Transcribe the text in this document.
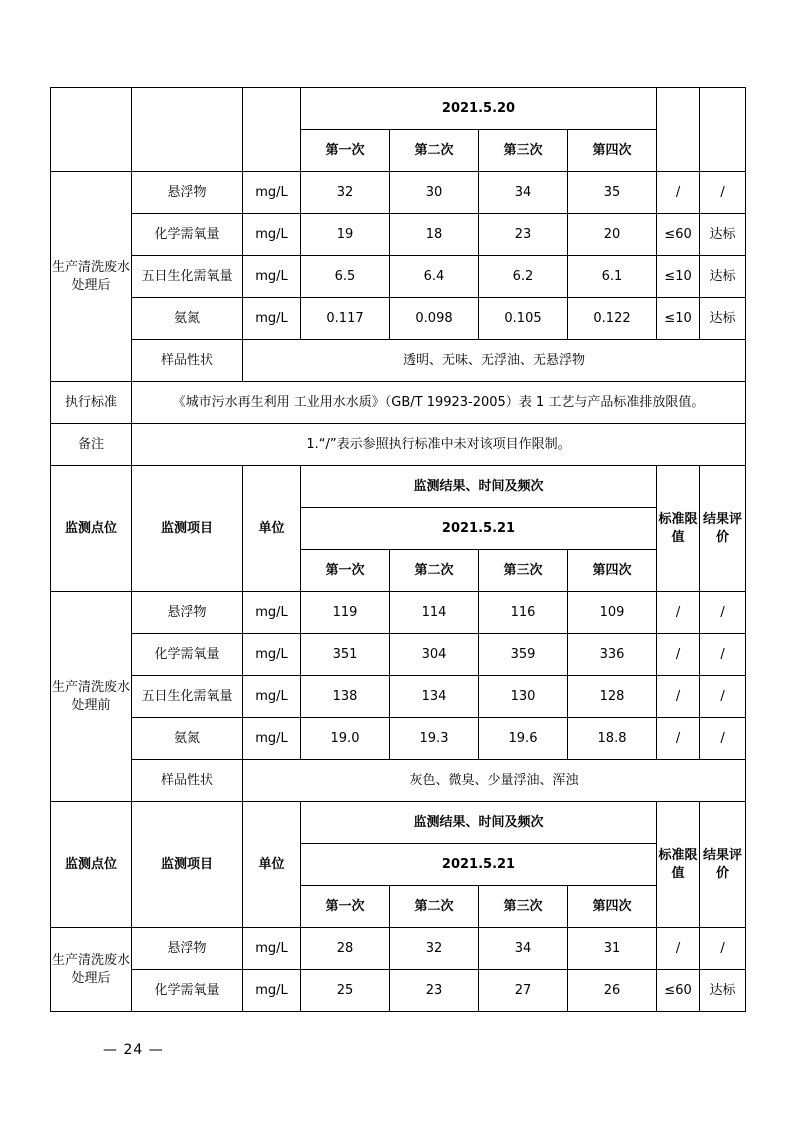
			2021.5.20					
			第一次	第二次	第三次	第四次		
生产清洗废水处理后	悬浮物	mg/L	32	30	34	35	/	/
	化学需氧量	mg/L	19	18	23	20	≤60	达标
	五日生化需氧量	mg/L	6.5	6.4	6.2	6.1	≤10	达标
	氨氮	mg/L	0.117	0.098	0.105	0.122	≤10	达标
	样品性状	透明、无味、无浮油、无悬浮物						
执行标准	《城市污水再生利用 工业用水水质》（GB/T 19923-2005）表 1 工艺与产品标准排放限值。							
备注	1.“/”表示参照执行标准中未对该项目作限制。							
监测点位	监测项目	单位	监测结果、时间及频次				标准限值	结果评价
			2021.5.21					
			第一次	第二次	第三次	第四次		
生产清洗废水处理前	悬浮物	mg/L	119	114	116	109	/	/
	化学需氧量	mg/L	351	304	359	336	/	/
	五日生化需氧量	mg/L	138	134	130	128	/	/
	氨氮	mg/L	19.0	19.3	19.6	18.8	/	/
	样品性状	灰色、微臭、少量浮油、浑浊						
监测点位	监测项目	单位	监测结果、时间及频次				标准限值	结果评价
			2021.5.21					
			第一次	第二次	第三次	第四次		
生产清洗废水处理后	悬浮物	mg/L	28	32	34	31	/	/
	化学需氧量	mg/L	25	23	27	26	≤60	达标
— 24 —
